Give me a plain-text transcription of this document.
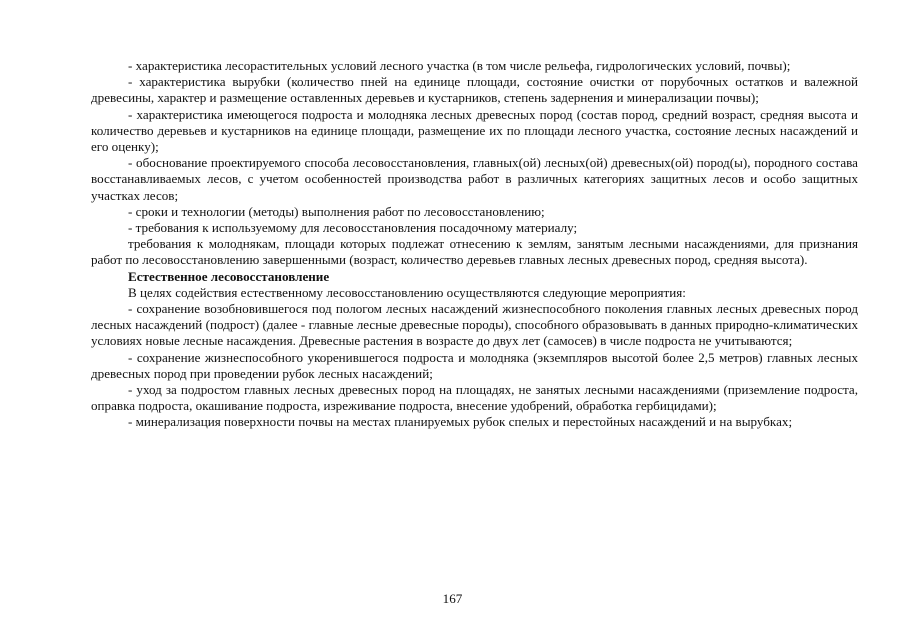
- характеристика лесорастительных условий лесного участка (в том числе рельефа, гидрологических условий, почвы);

- характеристика вырубки (количество пней на единице площади, состояние очистки от порубочных остатков и валежной древесины, характер и размещение оставленных деревьев и кустарников, степень задернения и минерализации почвы);

- характеристика имеющегося подроста и молодняка лесных древесных пород (состав пород, средний возраст, средняя высота и количество деревьев и кустарников на единице площади, размещение их по площади лесного участка, состояние лесных насаждений и его оценку);

- обоснование проектируемого способа лесовосстановления, главных(ой) лесных(ой) древесных(ой) пород(ы), породного состава восстанавливаемых лесов, с учетом особенностей производства работ в различных категориях защитных лесов и особо защитных участках лесов;

- сроки и технологии (методы) выполнения работ по лесовосстановлению;

- требования к используемому для лесовосстановления посадочному материалу;

требования к молоднякам, площади которых подлежат отнесению к землям, занятым лесными насаждениями, для признания работ по лесовосстановлению завершенными (возраст, количество деревьев главных лесных древесных пород, средняя высота).

Естественное лесовосстановление

В целях содействия естественному лесовосстановлению осуществляются следующие мероприятия:

- сохранение возобновившегося под пологом лесных насаждений жизнеспособного поколения главных лесных древесных пород лесных насаждений (подрост) (далее - главные лесные древесные породы), способного образовывать в данных природно-климатических условиях новые лесные насаждения. Древесные растения в возрасте до двух лет (самосев) в числе подроста не учитываются;

- сохранение жизнеспособного укоренившегося подроста и молодняка (экземпляров высотой более 2,5 метров) главных лесных древесных пород при проведении рубок лесных насаждений;

- уход за подростом главных лесных древесных пород на площадях, не занятых лесными насаждениями (приземление подроста, оправка подроста, окашивание подроста, изреживание подроста, внесение удобрений, обработка гербицидами);

- минерализация поверхности почвы на местах планируемых рубок спелых и перестойных насаждений и на вырубках;

167
